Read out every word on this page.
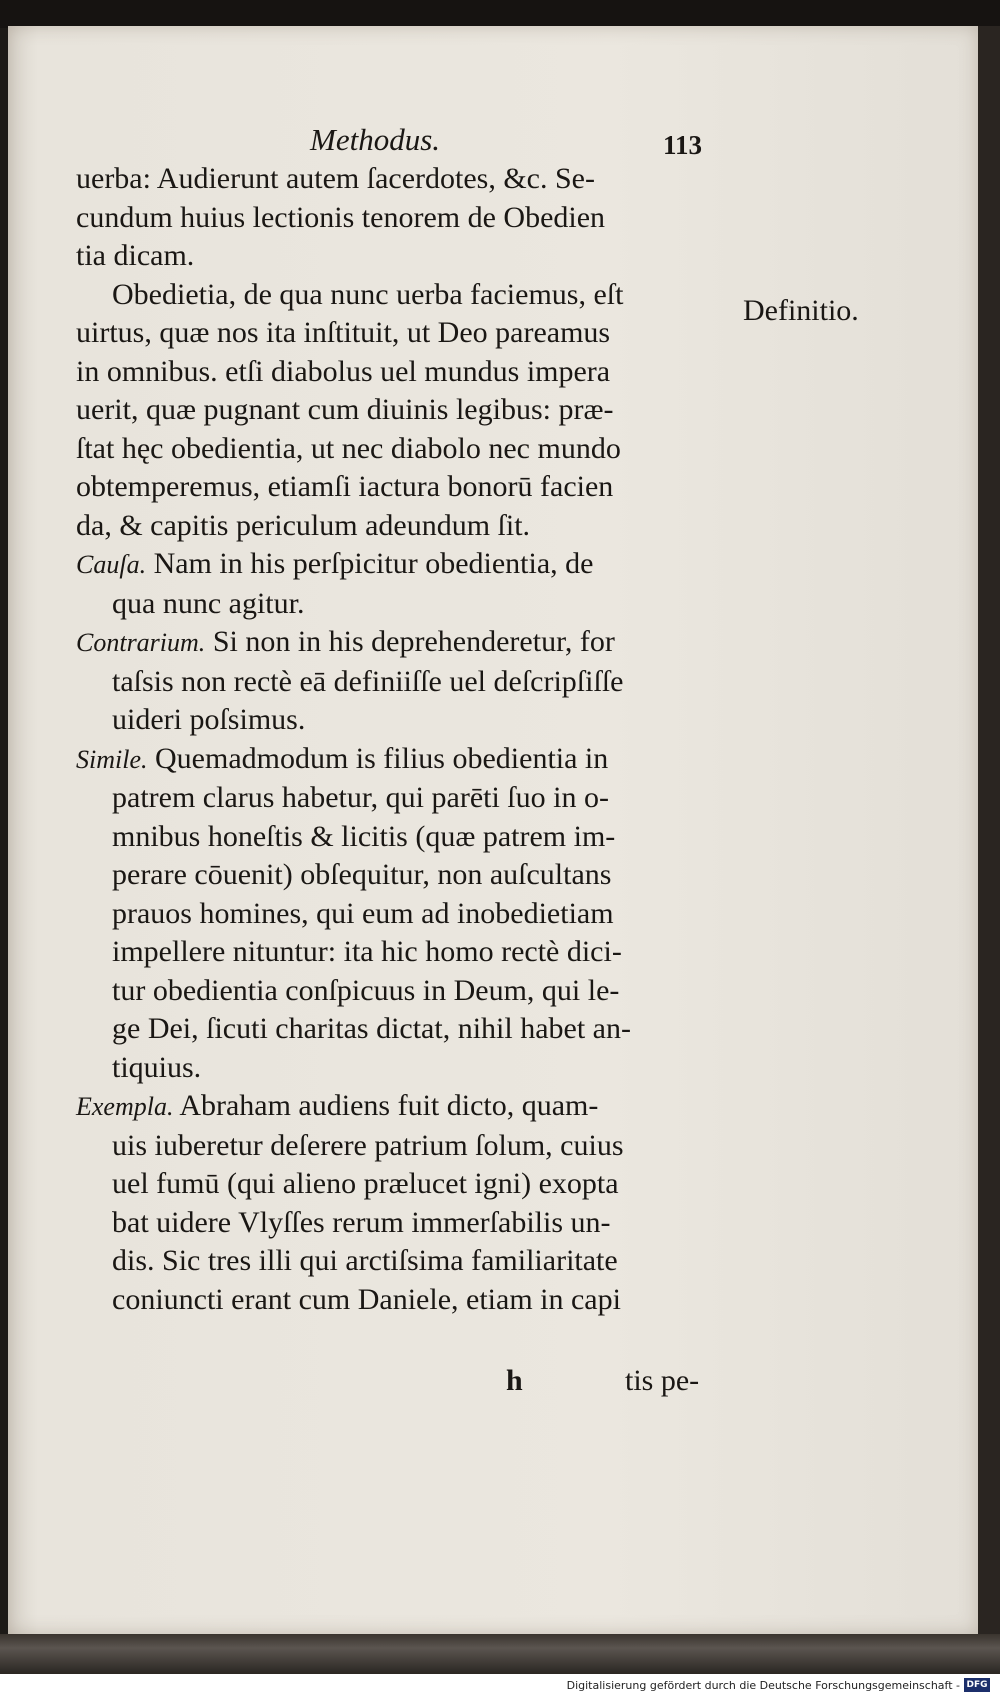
Methodus.	113
Definitio.
uerba: Audierunt autem ſacerdotes, &c. Se-
cundum huius lectionis tenorem de Obedien
tia dicam.
Obedietia, de qua nunc uerba faciemus, eſt
uirtus, quæ nos ita inſtituit, ut Deo pareamus
in omnibus. etſi diabolus uel mundus impera
uerit, quæ pugnant cum diuinis legibus: præ-
ſtat hęc obedientia, ut nec diabolo nec mundo
obtemperemus, etiamſi iactura bonorū facien
da, & capitis periculum adeundum ſit.
Cauſa. Nam in his perſpicitur obedientia, de
qua nunc agitur.
Contrarium. Si non in his deprehenderetur, for
taſsis non rectè eā definiiſſe uel deſcripſiſſe
uideri poſsimus.
Simile. Quemadmodum is filius obedientia in
patrem clarus habetur, qui parēti ſuo in o-
mnibus honeſtis & licitis (quæ patrem im-
perare cōuenit) obſequitur, non auſcultans
prauos homines, qui eum ad inobedietiam
impellere nituntur: ita hic homo rectè dici-
tur obedientia conſpicuus in Deum, qui le-
ge Dei, ſicuti charitas dictat, nihil habet an-
tiquius.
Exempla. Abraham audiens fuit dicto, quam-
uis iuberetur deſerere patrium ſolum, cuius
uel fumū (qui alieno prælucet igni) exopta
bat uidere Vlyſſes rerum immerſabilis un-
dis. Sic tres illi qui arctiſsima familiaritate
coniuncti erant cum Daniele, etiam in capi
h	tis pe-
Digitalisierung gefördert durch die Deutsche Forschungsgemeinschaft - DFG
